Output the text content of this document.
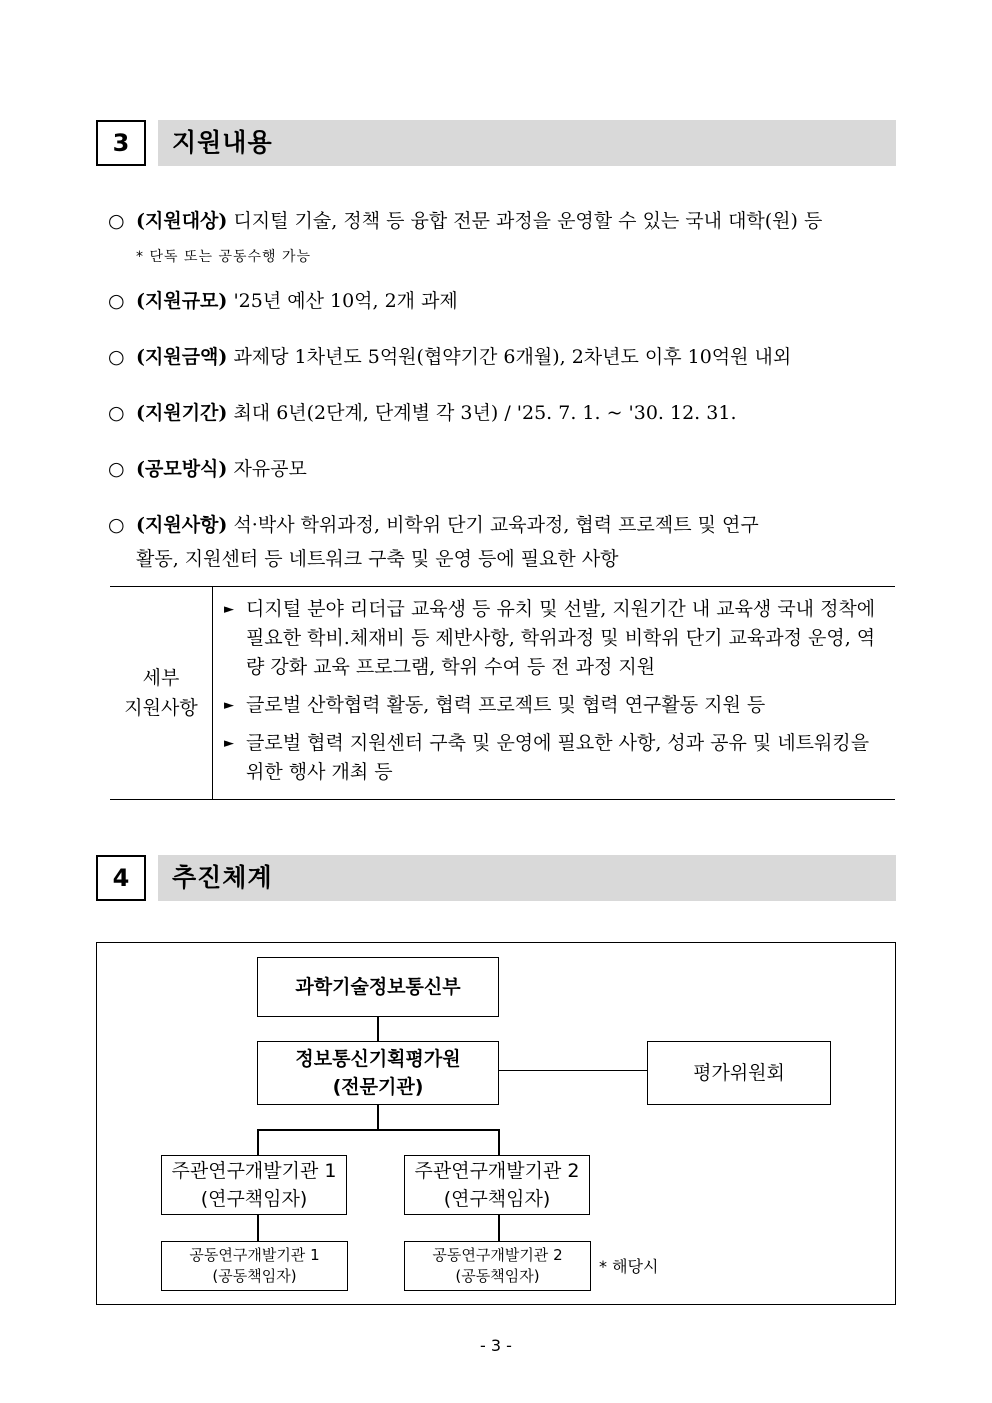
3	지원내용
○ (지원대상) 디지털 기술, 정책 등 융합 전문 과정을 운영할 수 있는 국내 대학(원) 등
* 단독 또는 공동수행 가능
○ (지원규모) '25년 예산 10억, 2개 과제
○ (지원금액) 과제당 1차년도 5억원(협약기간 6개월), 2차년도 이후 10억원 내외
○ (지원기간) 최대 6년(2단계, 단계별 각 3년) / '25. 7. 1. ~ '30. 12. 31.
○ (공모방식) 자유공모
○ (지원사항) 석·박사 학위과정, 비학위 단기 교육과정, 협력 프로젝트 및 연구
활동, 지원센터 등 네트워크 구축 및 운영 등에 필요한 사항
세부
지원사항
► 디지털 분야 리더급 교육생 등 유치 및 선발, 지원기간 내 교육생 국내 정착에 필요한 학비.체재비 등 제반사항, 학위과정 및 비학위 단기 교육과정 운영, 역량 강화 교육 프로그램, 학위 수여 등 전 과정 지원
► 글로벌 산학협력 활동, 협력 프로젝트 및 협력 연구활동 지원 등
► 글로벌 협력 지원센터 구축 및 운영에 필요한 사항, 성과 공유 및 네트워킹을 위한 행사 개최 등
4	추진체계
과학기술정보통신부
정보통신기획평가원
(전문기관)
평가위원회
주관연구개발기관 1
(연구책임자)
주관연구개발기관 2
(연구책임자)
공동연구개발기관 1
(공동책임자)
공동연구개발기관 2
(공동책임자)	* 해당시
- 3 -
